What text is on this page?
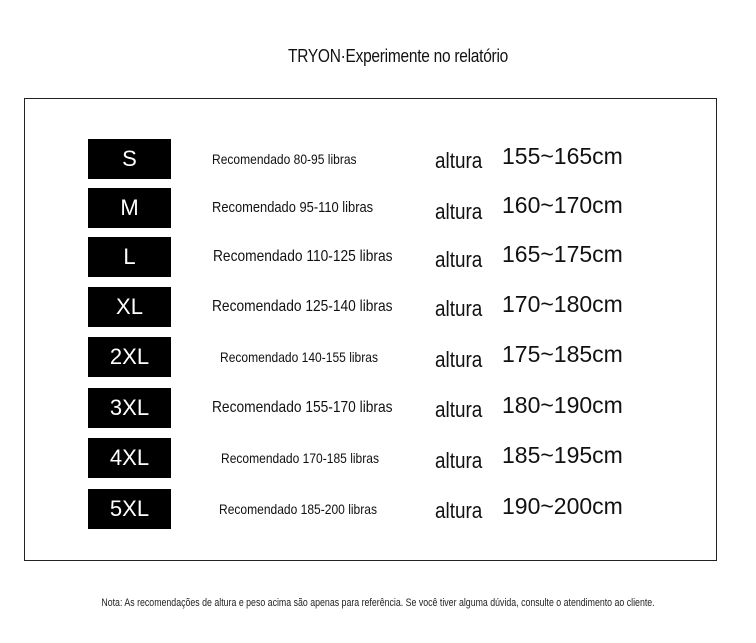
TRYON·Experimente no relatório
S	Recomendado 80-95 libras	altura 155~165cm
M	Recomendado 95-110 libras	altura 160~170cm
L	Recomendado 110-125 libras altura 165~175cm
XL	Recomendado 125-140 libras altura 170~180cm
2XL	Recomendado 140-155 libras	altura 175~185cm
3XL	Recomendado 155-170 libras altura 180~190cm
4XL	Recomendado 170-185 libras	altura 185~195cm
5XL	Recomendado 185-200 libras	altura 190~200cm
Nota: As recomendações de altura e peso acima são apenas para referência. Se você tiver alguma dúvida, consulte o atendimento ao cliente.
